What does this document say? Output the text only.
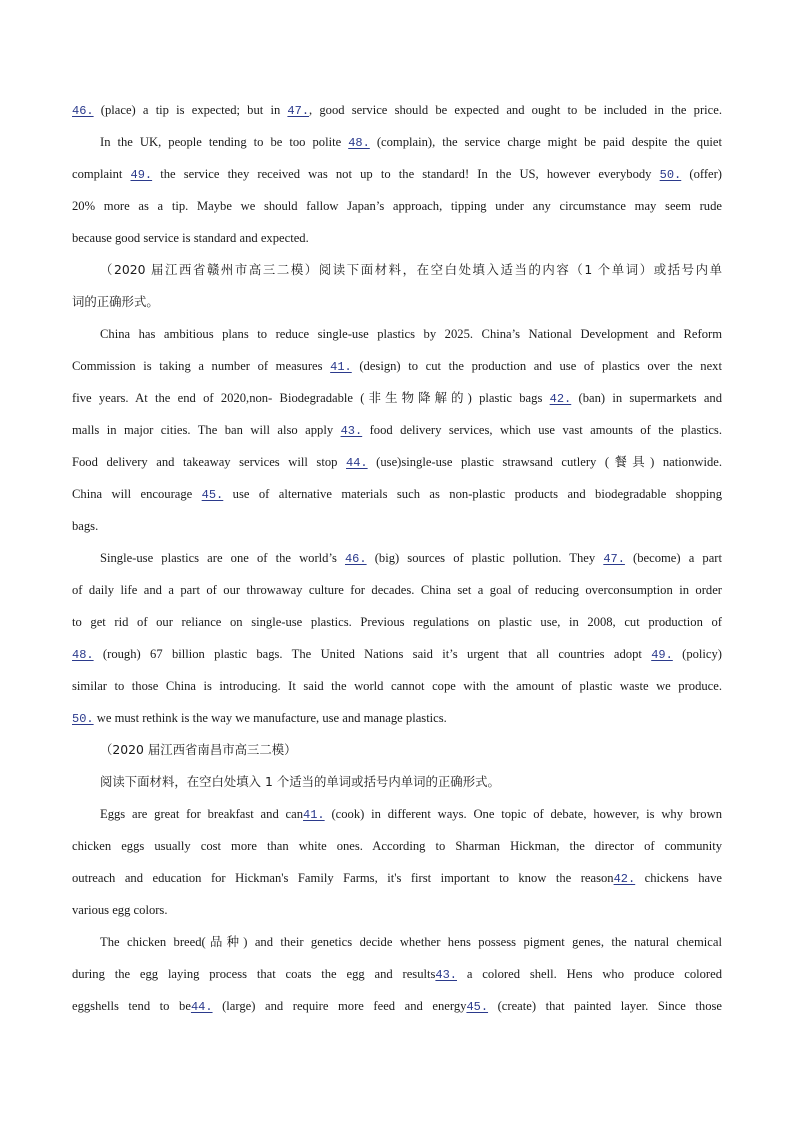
46. (place) a tip is expected; but in 47., good service should be expected and ought to be included in the price.
In the UK, people tending to be too polite 48. (complain), the service charge might be paid despite the quiet
complaint 49. the service they received was not up to the standard! In the US, however everybody 50. (offer)
20% more as a tip. Maybe we should fallow Japan’s approach, tipping under any circumstance may seem rude
because good service is standard and expected.
（2020 届江西省赣州市高三二模）阅读下面材料，在空白处填入适当的内容（1 个单词）或括号内单
词的正确形式。
China has ambitious plans to reduce single-use plastics by 2025. China’s National Development and Reform
Commission is taking a number of measures 41. (design) to cut the production and use of plastics over the next
five years. At the end of 2020,non- Biodegradable (非生物降解的) plastic bags 42. (ban) in supermarkets and
malls in major cities. The ban will also apply 43. food delivery services, which use vast amounts of the plastics.
Food delivery and takeaway services will stop 44. (use)single-use plastic strawsand cutlery (餐具) nationwide.
China will encourage 45. use of alternative materials such as non-plastic products and biodegradable shopping
bags.
Single-use plastics are one of the world’s 46. (big) sources of plastic pollution. They 47. (become) a part
of daily life and a part of our throwaway culture for decades. China set a goal of reducing overconsumption in order
to get rid of our reliance on single-use plastics. Previous regulations on plastic use, in 2008, cut production of
48. (rough) 67 billion plastic bags. The United Nations said it’s urgent that all countries adopt 49. (policy)
similar to those China is introducing. It said the world cannot cope with the amount of plastic waste we produce.
50. we must rethink is the way we manufacture, use and manage plastics.
（2020 届江西省南昌市高三二模）
阅读下面材料，在空白处填入 1 个适当的单词或括号内单词的正确形式。
Eggs are great for breakfast and can41. (cook) in different ways. One topic of debate, however, is why brown
chicken eggs usually cost more than white ones. According to Sharman Hickman, the director of community
outreach and education for Hickman's Family Farms, it's first important to know the reason42. chickens have
various egg colors.
The chicken breed(品种) and their genetics decide whether hens possess pigment genes, the natural chemical
during the egg laying process that coats the egg and results43. a colored shell. Hens who produce colored
eggshells tend to be44. (large) and require more feed and energy45. (create) that painted layer. Since those
